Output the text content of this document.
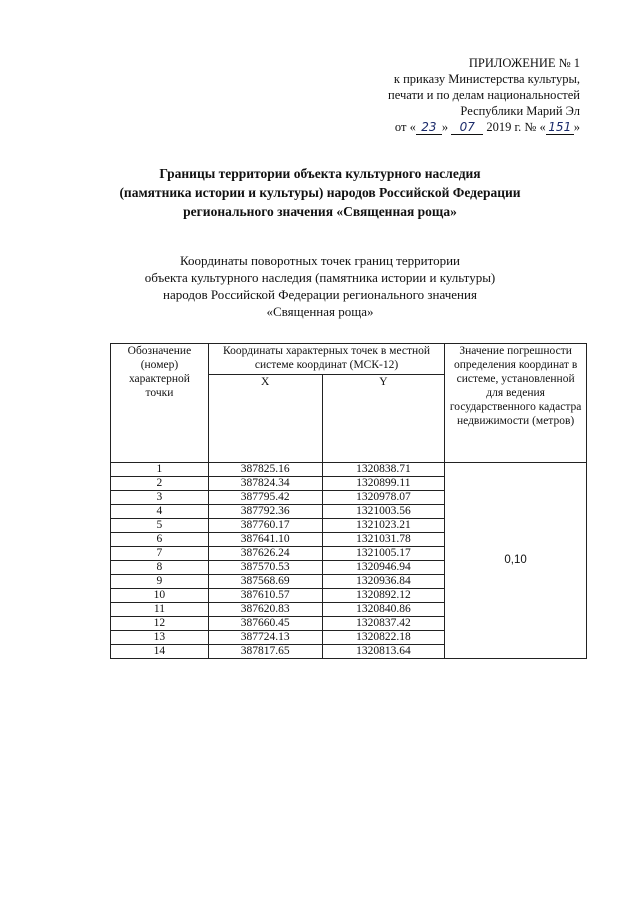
ПРИЛОЖЕНИЕ № 1
к приказу Министерства культуры,
печати и по делам национальностей
Республики Марий Эл
от « 23 » 07 2019 г. № « 151 »
Границы территории объекта культурного наследия
(памятника истории и культуры) народов Российской Федерации
регионального значения «Священная роща»
Координаты поворотных точек границ территории
объекта культурного наследия (памятника истории и культуры)
народов Российской Федерации регионального значения
«Священная роща»
Обозначение (номер) характерной точки	Координаты характерных точек в местной системе координат (МСК-12)		Значение погрешности определения координат в системе, установленной для ведения государственного кадастра недвижимости (метров)
	X	Y	
1	387825.16	1320838.71	0,10
2	387824.34	1320899.11	
3	387795.42	1320978.07	
4	387792.36	1321003.56	
5	387760.17	1321023.21	
6	387641.10	1321031.78	
7	387626.24	1321005.17	
8	387570.53	1320946.94	
9	387568.69	1320936.84	
10	387610.57	1320892.12	
11	387620.83	1320840.86	
12	387660.45	1320837.42	
13	387724.13	1320822.18	
14	387817.65	1320813.64	
